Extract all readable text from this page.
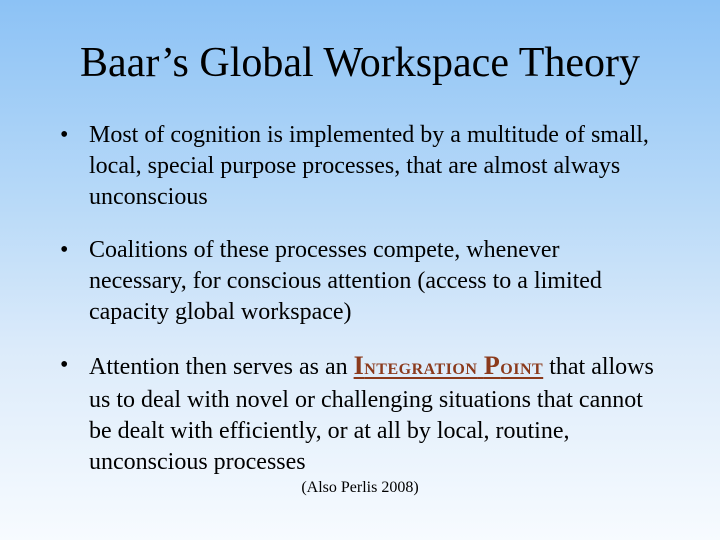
Baar’s Global Workspace Theory
• Most of cognition is implemented by a multitude of small, local, special purpose processes, that are almost always unconscious
• Coalitions of these processes compete, whenever necessary, for conscious attention (access to a limited capacity global workspace)
• Attention then serves as an INTEGRATION POINT that allows us to deal with novel or challenging situations that cannot be dealt with efficiently, or at all by local, routine, unconscious processes
(Also Perlis 2008)
